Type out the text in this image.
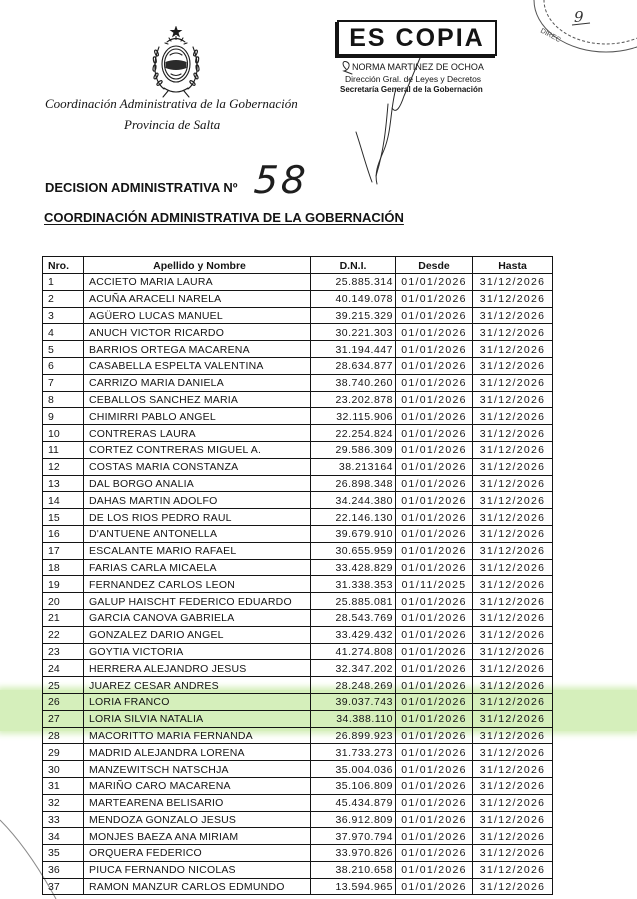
Coordinación Administrativa de la Gobernación
Provincia de Salta
ES COPIA
NORMA MARTINEZ DE OCHOA
Dirección Gral. de Leyes y Decretos
Secretaría General de la Gobernación
9
DIREC
DECISION ADMINISTRATIVA Nº 58
COORDINACIÓN ADMINISTRATIVA DE LA GOBERNACIÓN
Nro.	Apellido y Nombre	D.N.I.	Desde	Hasta
1	ACCIETO MARIA LAURA	25.885.314 01/01/2026	31/12/2026
2	ACUÑA ARACELI NARELA	40.149.078 01/01/2026	31/12/2026
3	AGÜERO LUCAS MANUEL	39.215.329 01/01/2026	31/12/2026
4	ANUCH VICTOR RICARDO	30.221.303 01/01/2026	31/12/2026
5	BARRIOS ORTEGA MACARENA	31.194.447 01/01/2026	31/12/2026
6	CASABELLA ESPELTA VALENTINA	28.634.877 01/01/2026	31/12/2026
7	CARRIZO MARIA DANIELA	38.740.260 01/01/2026	31/12/2026
8	CEBALLOS SANCHEZ MARIA	23.202.878 01/01/2026	31/12/2026
9	CHIMIRRI PABLO ANGEL	32.115.906 01/01/2026	31/12/2026
10	CONTRERAS LAURA	22.254.824 01/01/2026	31/12/2026
11	CORTEZ CONTRERAS MIGUEL A.	29.586.309 01/01/2026	31/12/2026
12	COSTAS MARIA CONSTANZA	38.213164 01/01/2026	31/12/2026
13	DAL BORGO ANALIA	26.898.348 01/01/2026	31/12/2026
14	DAHAS MARTIN ADOLFO	34.244.380 01/01/2026	31/12/2026
15	DE LOS RIOS PEDRO RAUL	22.146.130 01/01/2026	31/12/2026
16	D'ANTUENE ANTONELLA	39.679.910 01/01/2026	31/12/2026
17	ESCALANTE MARIO RAFAEL	30.655.959 01/01/2026	31/12/2026
18	FARIAS CARLA MICAELA	33.428.829 01/01/2026	31/12/2026
19	FERNANDEZ CARLOS LEON	31.338.353 01/11/2025	31/12/2026
20	GALUP HAISCHT FEDERICO EDUARDO	25.885.081 01/01/2026	31/12/2026
21	GARCIA CANOVA GABRIELA	28.543.769 01/01/2026	31/12/2026
22	GONZALEZ DARIO ANGEL	33.429.432 01/01/2026	31/12/2026
23	GOYTIA VICTORIA	41.274.808 01/01/2026	31/12/2026
24	HERRERA ALEJANDRO JESUS	32.347.202 01/01/2026	31/12/2026
25	JUAREZ CESAR ANDRES	28.248.269 01/01/2026	31/12/2026
26	LORIA FRANCO	39.037.743 01/01/2026	31/12/2026
27	LORIA SILVIA NATALIA	34.388.110 01/01/2026	31/12/2026
28	MACORITTO MARIA FERNANDA	26.899.923 01/01/2026	31/12/2026
29	MADRID ALEJANDRA LORENA	31.733.273 01/01/2026	31/12/2026
30	MANZEWITSCH NATSCHJA	35.004.036 01/01/2026	31/12/2026
31	MARIÑO CARO MACARENA	35.106.809 01/01/2026	31/12/2026
32	MARTEARENA BELISARIO	45.434.879 01/01/2026	31/12/2026
33	MENDOZA GONZALO JESUS	36.912.809 01/01/2026	31/12/2026
34	MONJES BAEZA ANA MIRIAM	37.970.794 01/01/2026	31/12/2026
35	ORQUERA FEDERICO	33.970.826 01/01/2026	31/12/2026
36	PIUCA FERNANDO NICOLAS	38.210.658 01/01/2026	31/12/2026
37	RAMON MANZUR CARLOS EDMUNDO	13.594.965 01/01/2026	31/12/2026
